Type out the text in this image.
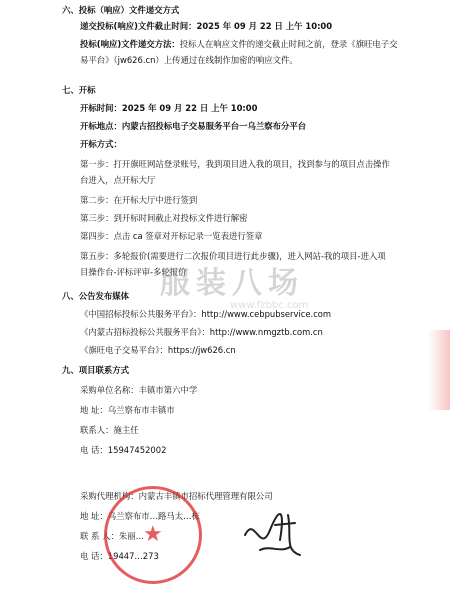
六、投标（响应）文件递交方式
递交投标(响应)文件截止时间：2025 年 09 月 22 日 上午 10:00
投标(响应)文件递交方法：投标人在响应文件的递交截止时间之前，登录《旗旺电子交易平台》（jw626.cn）上传通过在线制作加密的响应文件。
七、开标
开标时间：2025 年 09 月 22 日 上午 10:00
开标地点：内蒙古招投标电子交易服务平台一乌兰察布分平台
开标方式：
第一步：打开旗旺网站登录账号，我到项目进入我的项目，找到参与的项目点击操作台进入，点开标大厅
第二步：在开标大厅中进行签到
第三步：到开标时间截止对投标文件进行解密
第四步：点击 ca 签章对开标记录一览表进行签章
第五步：多轮报价(需要进行二次报价项目进行此步骤)，进入网站-我的项目-进入项目操作台-评标评审-多轮报价
八、公告发布媒体
《中国招标投标公共服务平台》：http://www.cebpubservice.com
《内蒙古招标投标公共服务平台》：http://www.nmgztb.com.cn
《旗旺电子交易平台》：https://jw626.cn
九、项目联系方式
采购单位名称：丰镇市第六中学
地 址：乌兰察布市丰镇市
联系人：施主任
电 话：15947452002
采购代理机构：内蒙古丰镇市招标代理管理有限公司
地 址：乌兰察布市…路马太…栋
联 系 人：朱丽…
电 话：19447…273
服装八场
www.fzbbc.com
★
